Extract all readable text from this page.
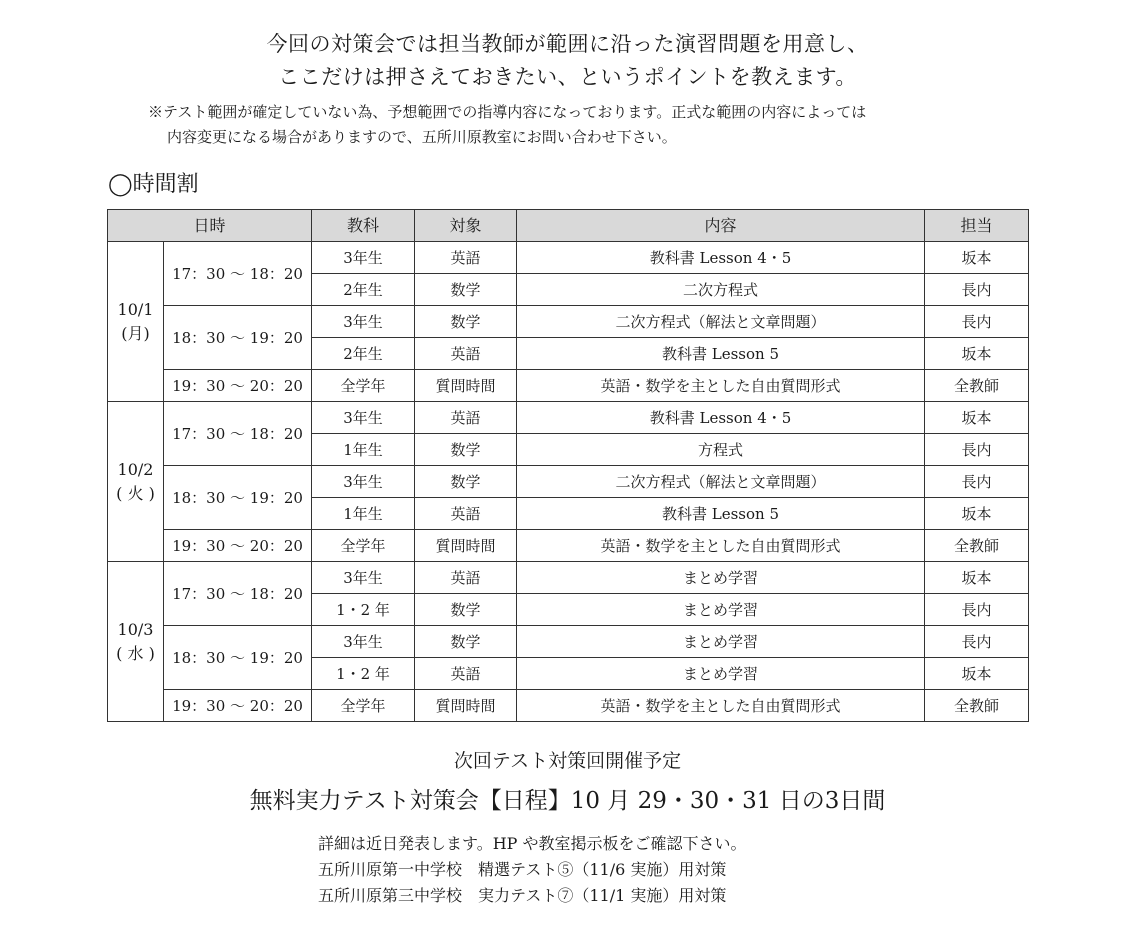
今回の対策会では担当教師が範囲に沿った演習問題を用意し、
ここだけは押さえておきたい、というポイントを教えます。
※テスト範囲が確定していない為、予想範囲での指導内容になっております。正式な範囲の内容によっては
内容変更になる場合がありますので、五所川原教室にお問い合わせ下さい。
◯時間割
日時		教科	対象	内容	担当

10/1
(月)	17：30 ～ 18：20	3年生	英語	教科書 Lesson 4・5	坂本
		2年生	数学	二次方程式	長内
	18：30 ～ 19：20	3年生	数学	二次方程式（解法と文章問題）	長内
		2年生	英語	教科書 Lesson 5	坂本
	19：30 ～ 20：20	全学年	質問時間	英語・数学を主とした自由質問形式	全教師

10/2
( 火 )	17：30 ～ 18：20	3年生	英語	教科書 Lesson 4・5	坂本
		1年生	数学	方程式	長内
	18：30 ～ 19：20	3年生	数学	二次方程式（解法と文章問題）	長内
		1年生	英語	教科書 Lesson 5	坂本
	19：30 ～ 20：20	全学年	質問時間	英語・数学を主とした自由質問形式	全教師

10/3
( 水 )	17：30 ～ 18：20	3年生	英語	まとめ学習	坂本
		1・2 年	数学	まとめ学習	長内
	18：30 ～ 19：20	3年生	数学	まとめ学習	長内
		1・2 年	英語	まとめ学習	坂本
	19：30 ～ 20：20	全学年	質問時間	英語・数学を主とした自由質問形式	全教師
次回テスト対策回開催予定
無料実力テスト対策会【日程】10 月 29・30・31 日の3日間
詳細は近日発表します。HP や教室掲示板をご確認下さい。
五所川原第一中学校　精選テスト⑤（11/6 実施）用対策
五所川原第三中学校　実力テスト⑦（11/1 実施）用対策
